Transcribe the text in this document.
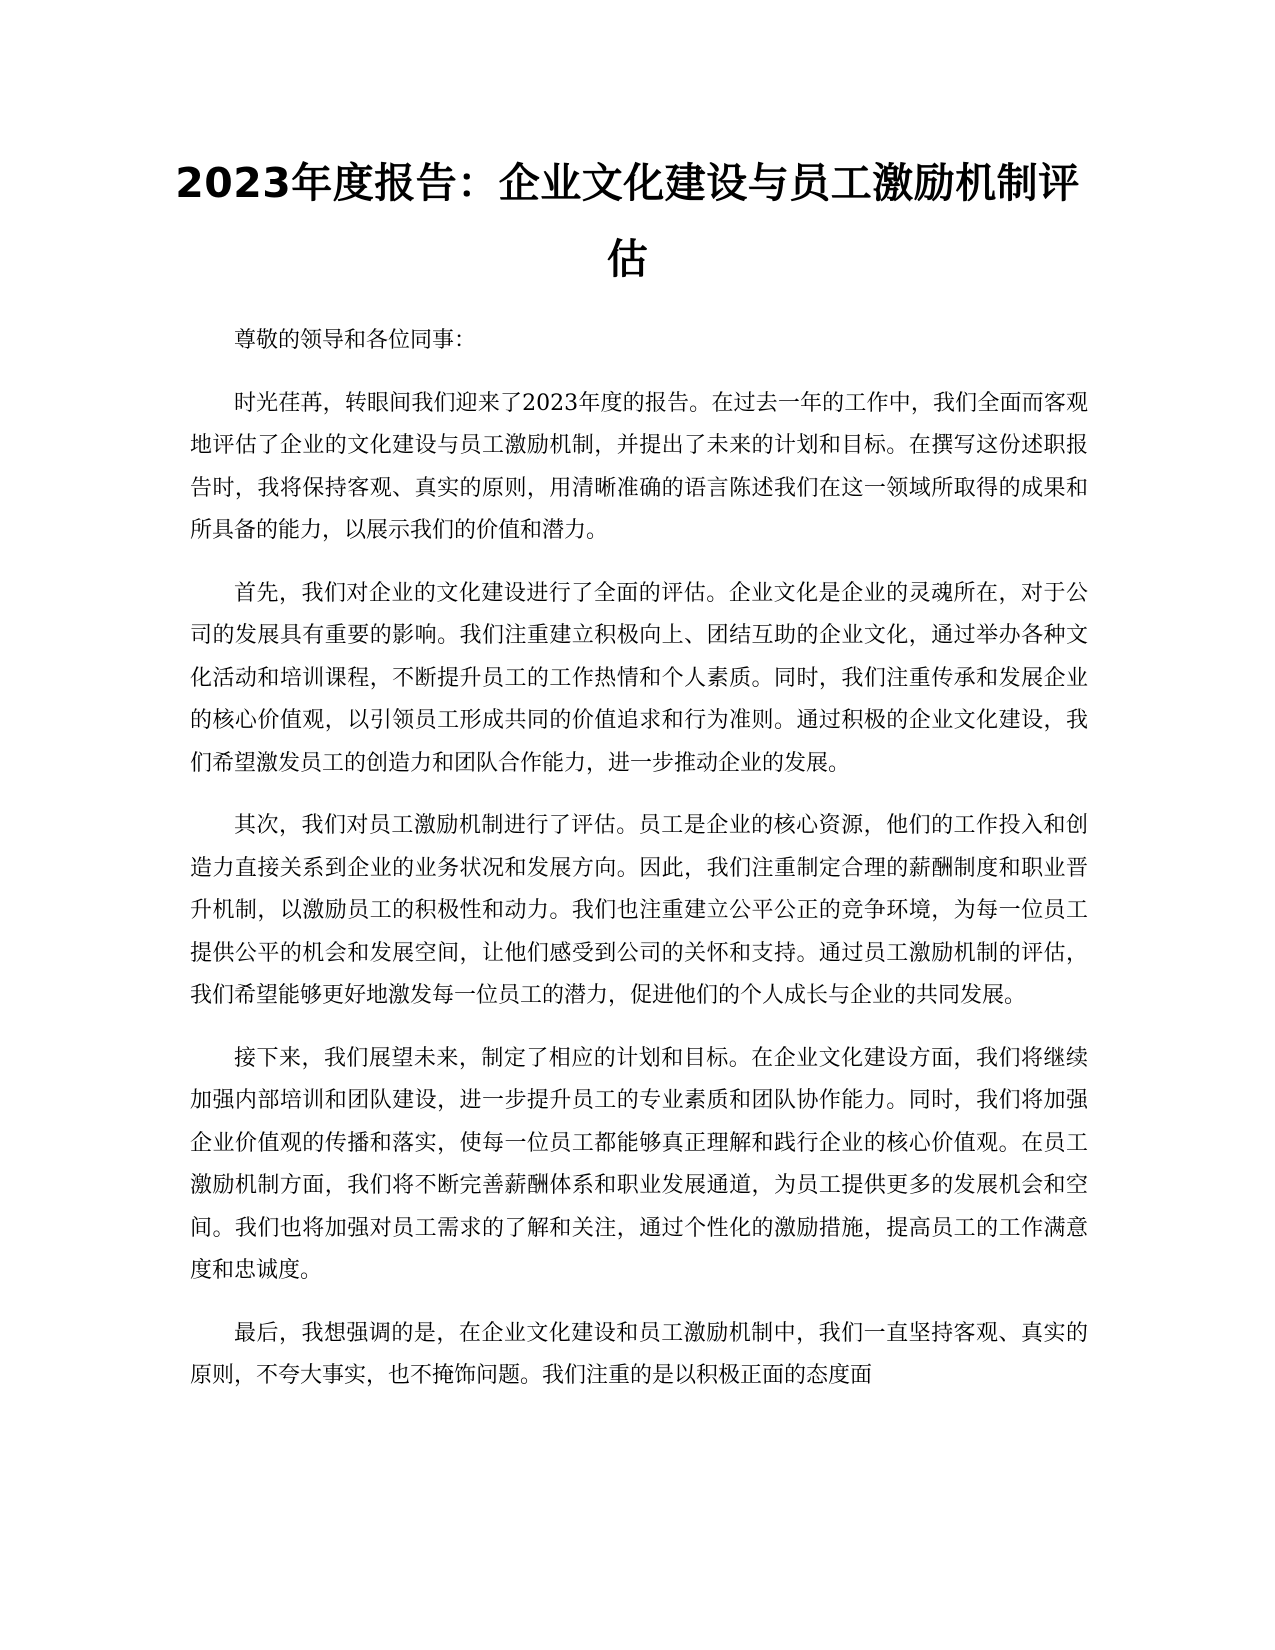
2023年度报告：企业文化建设与员工激励机制评估

尊敬的领导和各位同事：

时光荏苒，转眼间我们迎来了2023年度的报告。在过去一年的工作中，我们全面而客观地评估了企业的文化建设与员工激励机制，并提出了未来的计划和目标。在撰写这份述职报告时，我将保持客观、真实的原则，用清晰准确的语言陈述我们在这一领域所取得的成果和所具备的能力，以展示我们的价值和潜力。

首先，我们对企业的文化建设进行了全面的评估。企业文化是企业的灵魂所在，对于公司的发展具有重要的影响。我们注重建立积极向上、团结互助的企业文化，通过举办各种文化活动和培训课程，不断提升员工的工作热情和个人素质。同时，我们注重传承和发展企业的核心价值观，以引领员工形成共同的价值追求和行为准则。通过积极的企业文化建设，我们希望激发员工的创造力和团队合作能力，进一步推动企业的发展。

其次，我们对员工激励机制进行了评估。员工是企业的核心资源，他们的工作投入和创造力直接关系到企业的业务状况和发展方向。因此，我们注重制定合理的薪酬制度和职业晋升机制，以激励员工的积极性和动力。我们也注重建立公平公正的竞争环境，为每一位员工提供公平的机会和发展空间，让他们感受到公司的关怀和支持。通过员工激励机制的评估，我们希望能够更好地激发每一位员工的潜力，促进他们的个人成长与企业的共同发展。

接下来，我们展望未来，制定了相应的计划和目标。在企业文化建设方面，我们将继续加强内部培训和团队建设，进一步提升员工的专业素质和团队协作能力。同时，我们将加强企业价值观的传播和落实，使每一位员工都能够真正理解和践行企业的核心价值观。在员工激励机制方面，我们将不断完善薪酬体系和职业发展通道，为员工提供更多的发展机会和空间。我们也将加强对员工需求的了解和关注，通过个性化的激励措施，提高员工的工作满意度和忠诚度。

最后，我想强调的是，在企业文化建设和员工激励机制中，我们一直坚持客观、真实的原则，不夸大事实，也不掩饰问题。我们注重的是以积极正面的态度面
